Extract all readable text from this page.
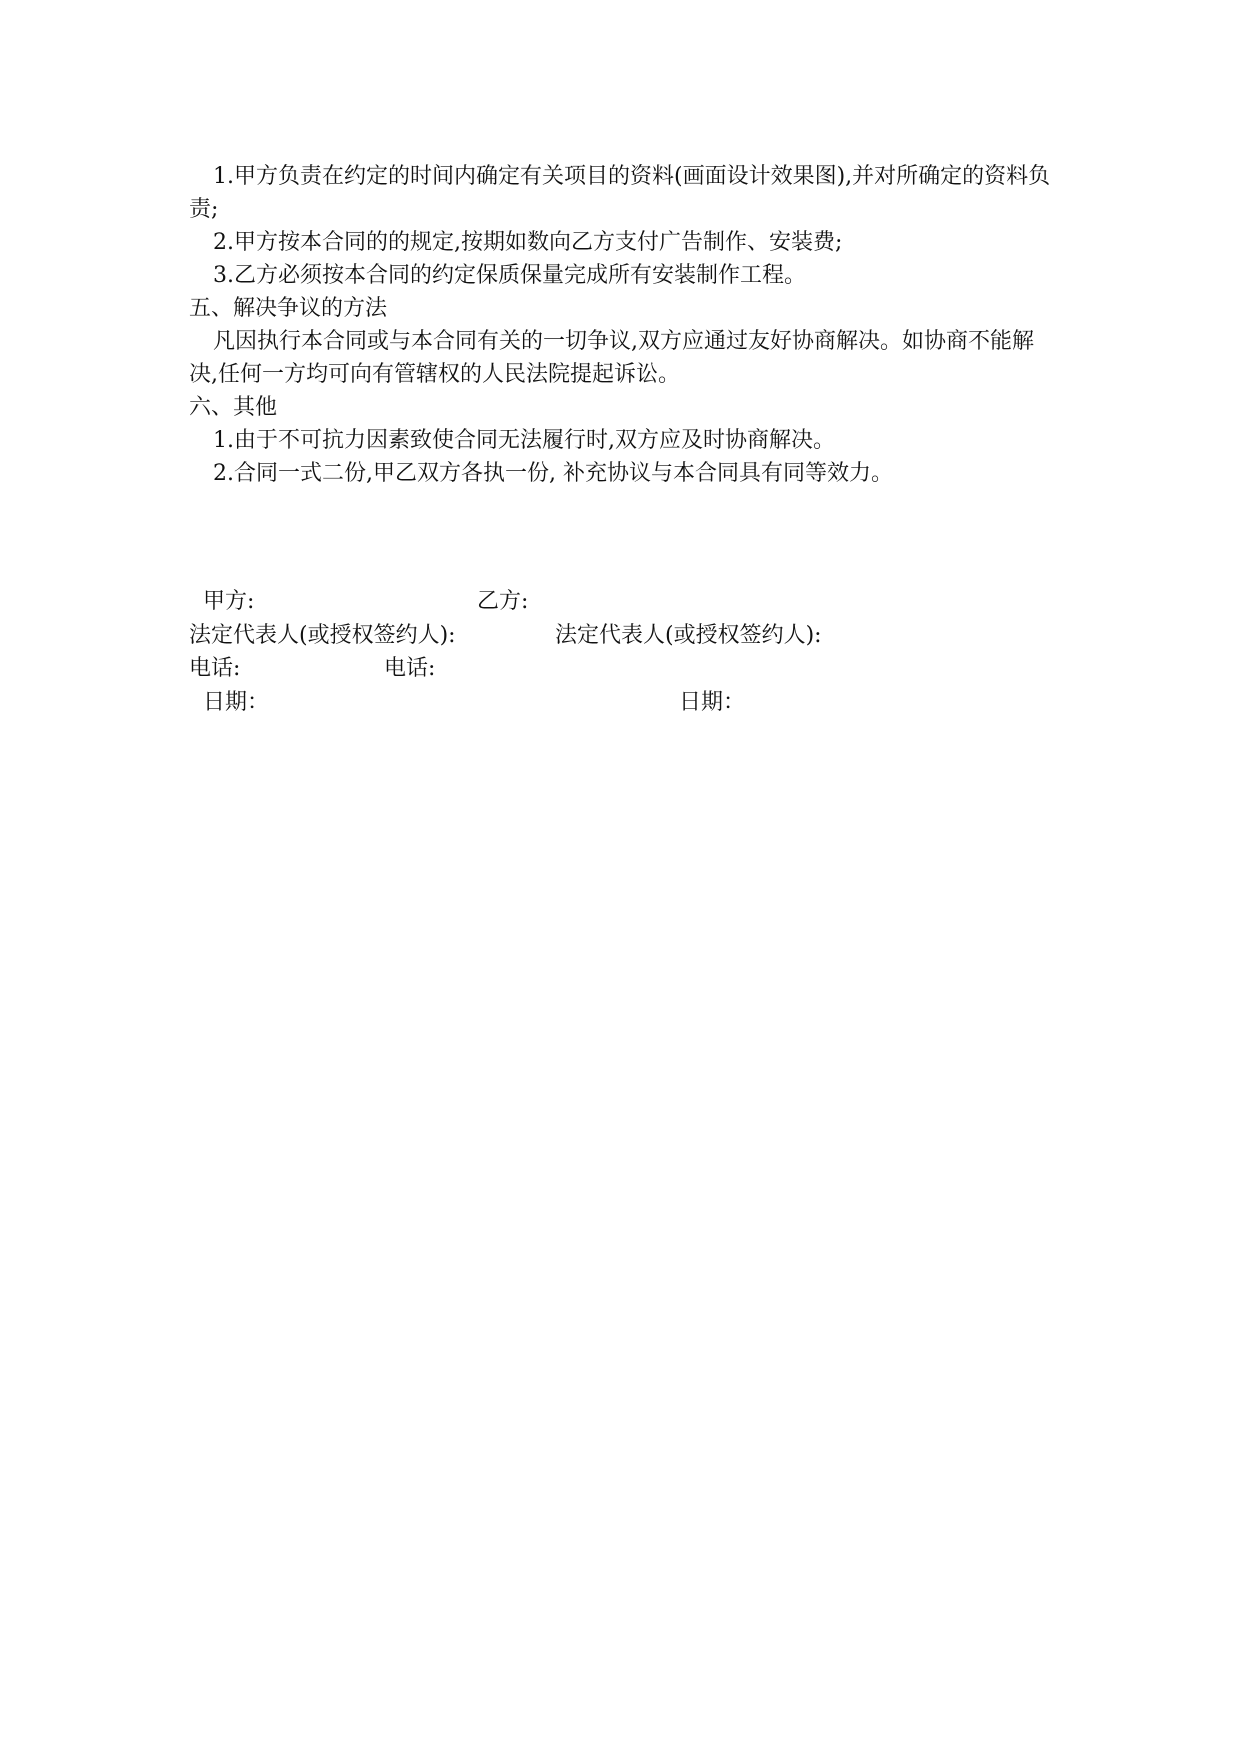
1.甲方负责在约定的时间内确定有关项目的资料(画面设计效果图),并对所确定的资料负责;

2.甲方按本合同的的规定,按期如数向乙方支付广告制作、安装费;

3.乙方必须按本合同的约定保质保量完成所有安装制作工程。

五、解决争议的方法

凡因执行本合同或与本合同有关的一切争议,双方应通过友好协商解决。如协商不能解决,任何一方均可向有管辖权的人民法院提起诉讼。

六、其他

1.由于不可抗力因素致使合同无法履行时,双方应及时协商解决。

2.合同一式二份,甲乙双方各执一份, 补充协议与本合同具有同等效力。

甲方:	乙方:
法定代表人(或授权签约人):	法定代表人(或授权签约人):
电话:	电话:
日期：	日期：
